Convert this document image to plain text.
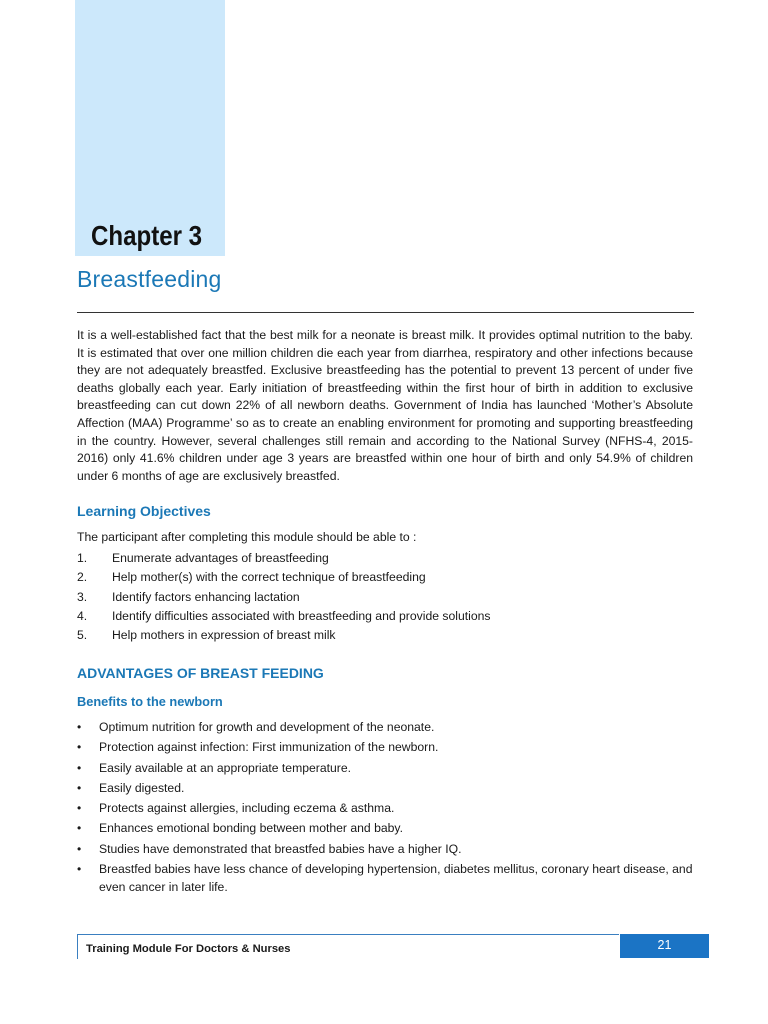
Chapter 3
Breastfeeding

It is a well-established fact that the best milk for a neonate is breast milk. It provides optimal nutrition to the baby. It is estimated that over one million children die each year from diarrhea, respiratory and other infections because they are not adequately breastfed. Exclusive breastfeeding has the potential to prevent 13 percent of under five deaths globally each year. Early initiation of breastfeeding within the first hour of birth in addition to exclusive breastfeeding can cut down 22% of all newborn deaths. Government of India has launched ‘Mother’s Absolute Affection (MAA) Programme’ so as to create an enabling environment for promoting and supporting breastfeeding in the country. However, several challenges still remain and according to the National Survey (NFHS-4, 2015-2016) only 41.6% children under age 3 years are breastfed within one hour of birth and only 54.9% of children under 6 months of age are exclusively breastfed.

Learning Objectives
The participant after completing this module should be able to :
1. Enumerate advantages of breastfeeding
2. Help mother(s) with the correct technique of breastfeeding
3. Identify factors enhancing lactation
4. Identify difficulties associated with breastfeeding and provide solutions
5. Help mothers in expression of breast milk
ADVANTAGES OF BREAST FEEDING
Benefits to the newborn
• Optimum nutrition for growth and development of the neonate.
• Protection against infection: First immunization of the newborn.
• Easily available at an appropriate temperature.
• Easily digested.
• Protects against allergies, including eczema & asthma.
• Enhances emotional bonding between mother and baby.
• Studies have demonstrated that breastfed babies have a higher IQ.
• Breastfed babies have less chance of developing hypertension, diabetes mellitus, coronary heart disease, and even cancer in later life.
Training Module For Doctors & Nurses	21
